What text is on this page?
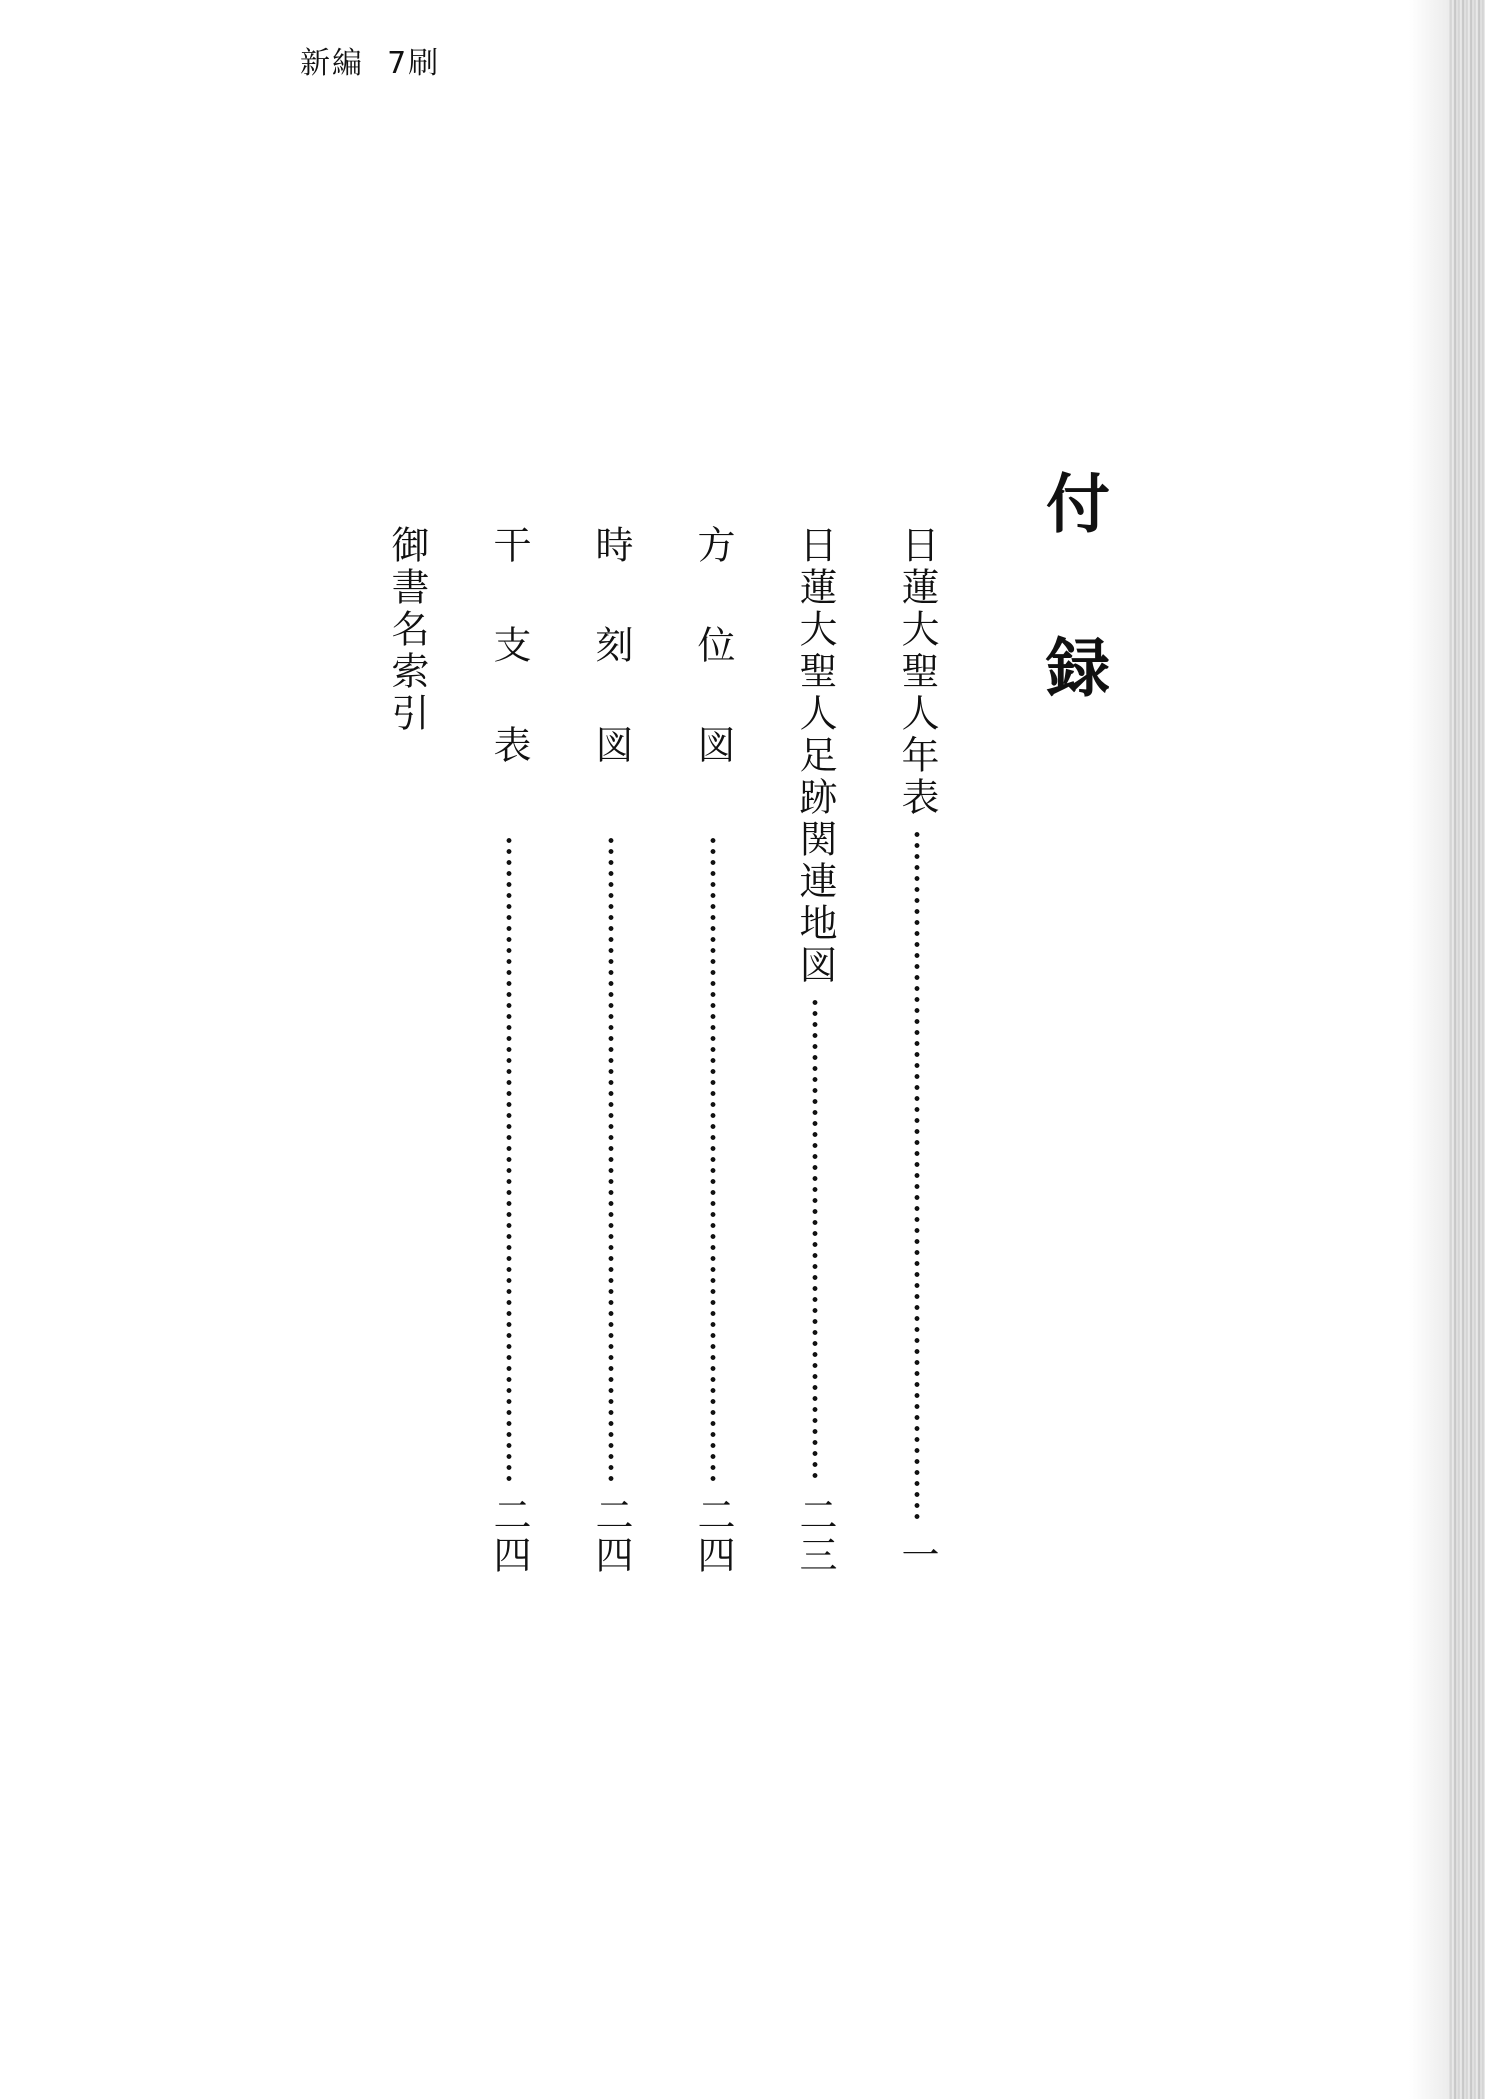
新編  7刷
付録
日蓮大聖人年表
一
日蓮大聖人足跡関連地図
二三
方位図
二四
時刻図
二四
干支表
二四
御書名索引
